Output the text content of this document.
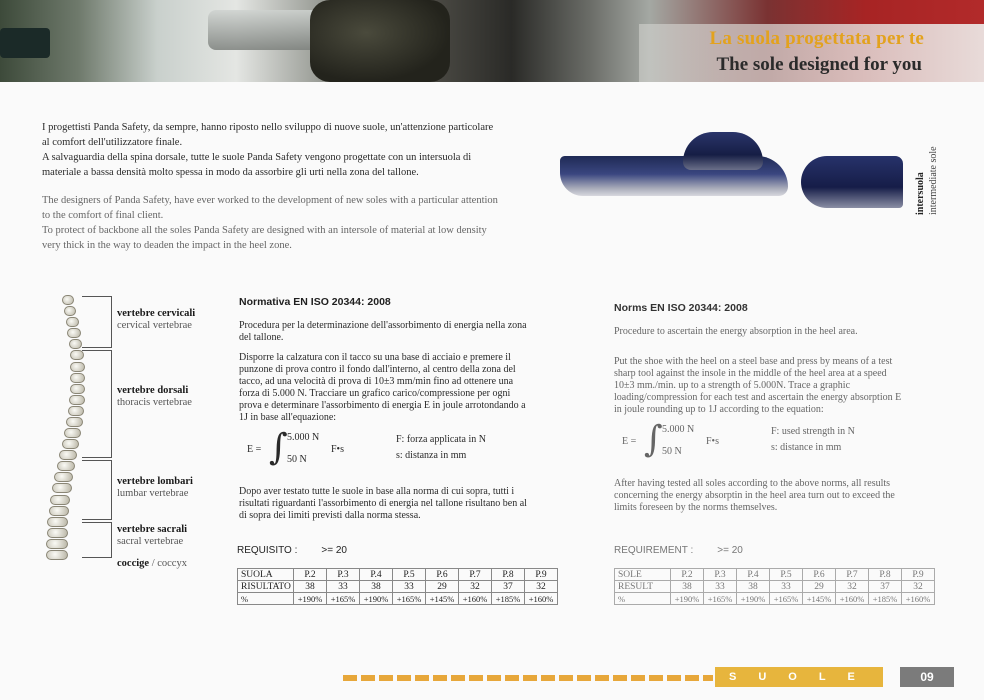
La suola progettata per te
The sole designed for you

I progettisti Panda Safety, da sempre, hanno riposto nello sviluppo di nuove suole, un'attenzione particolare

al comfort dell'utilizzatore finale.

A salvaguardia della spina dorsale, tutte le suole Panda Safety vengono progettate con un intersuola di

materiale a bassa densità molto spessa in modo da assorbire gli urti nella zona del tallone.

The designers of Panda Safety, have ever worked to the development of new soles with a particular attention

to the comfort of final client.

To protect of backbone all the soles Panda Safety are designed with an intersole of material at low density

very thick in the way to deaden the impact in the heel zone.

intersuola intermediate sole
vertebre cervicali
cervical vertebrae
vertebre dorsali
thoracis vertebrae
vertebre lombari
lumbar vertebrae
vertebre sacrali
sacral vertebrae
coccige / coccyx
Normativa EN ISO 20344: 2008
Procedura per la determinazione dell'assorbimento di energia nella zona del tallone.
Disporre la calzatura con il tacco su una base di acciaio e premere il punzone di prova contro il fondo dall'interno, al centro della zona del tacco, ad una velocità di prova di 10±3 mm/min fino ad ottenere una forza di 5.000 N. Tracciare un grafico carico/compressione per ogni prova e determinare l'assorbimento di energia E in joule arrotondando a 1J in base all'equazione:
E = ∫ 5.000 N
50 N
F•s
F: forza applicata in N
s: distanza in mm
Dopo aver testato tutte le suole in base alla norma di cui sopra, tutti i risultati riguardanti l'assorbimento di energia nel tallone risultano ben al di sopra dei limiti previsti dalla norma stessa.
REQUISITO : >= 20
SUOLA	P.2	P.3	P.4	P.5	P.6	P.7	P.8	P.9
RISULTATO	38	33	38	33	29	32	37	32
%	+190%	+165%	+190%	+165%	+145%	+160%	+185%	+160%
Norms EN ISO 20344: 2008
Procedure to ascertain the energy absorption in the heel area.
Put the shoe with the heel on a steel base and press by means of a test sharp tool against the insole in the middle of the heel area at a speed 10±3 mm./min. up to a strength of 5.000N. Trace a graphic loading/compression for each test and ascertain the energy absorption E in joule rounding up to 1J according to the equation:
E = ∫ 5.000 N
50 N
F•s
F: used strength in N
s: distance in mm
After having tested all soles according to the above norms, all results concerning the energy absorptin in the heel area turn out to exceed the limits foreseen by the norms themselves.
REQUIREMENT : >= 20
SOLE	P.2	P.3	P.4	P.5	P.6	P.7	P.8	P.9
RESULT	38	33	38	33	29	32	37	32
%	+190%	+165%	+190%	+165%	+145%	+160%	+185%	+160%
SUOLE	09
